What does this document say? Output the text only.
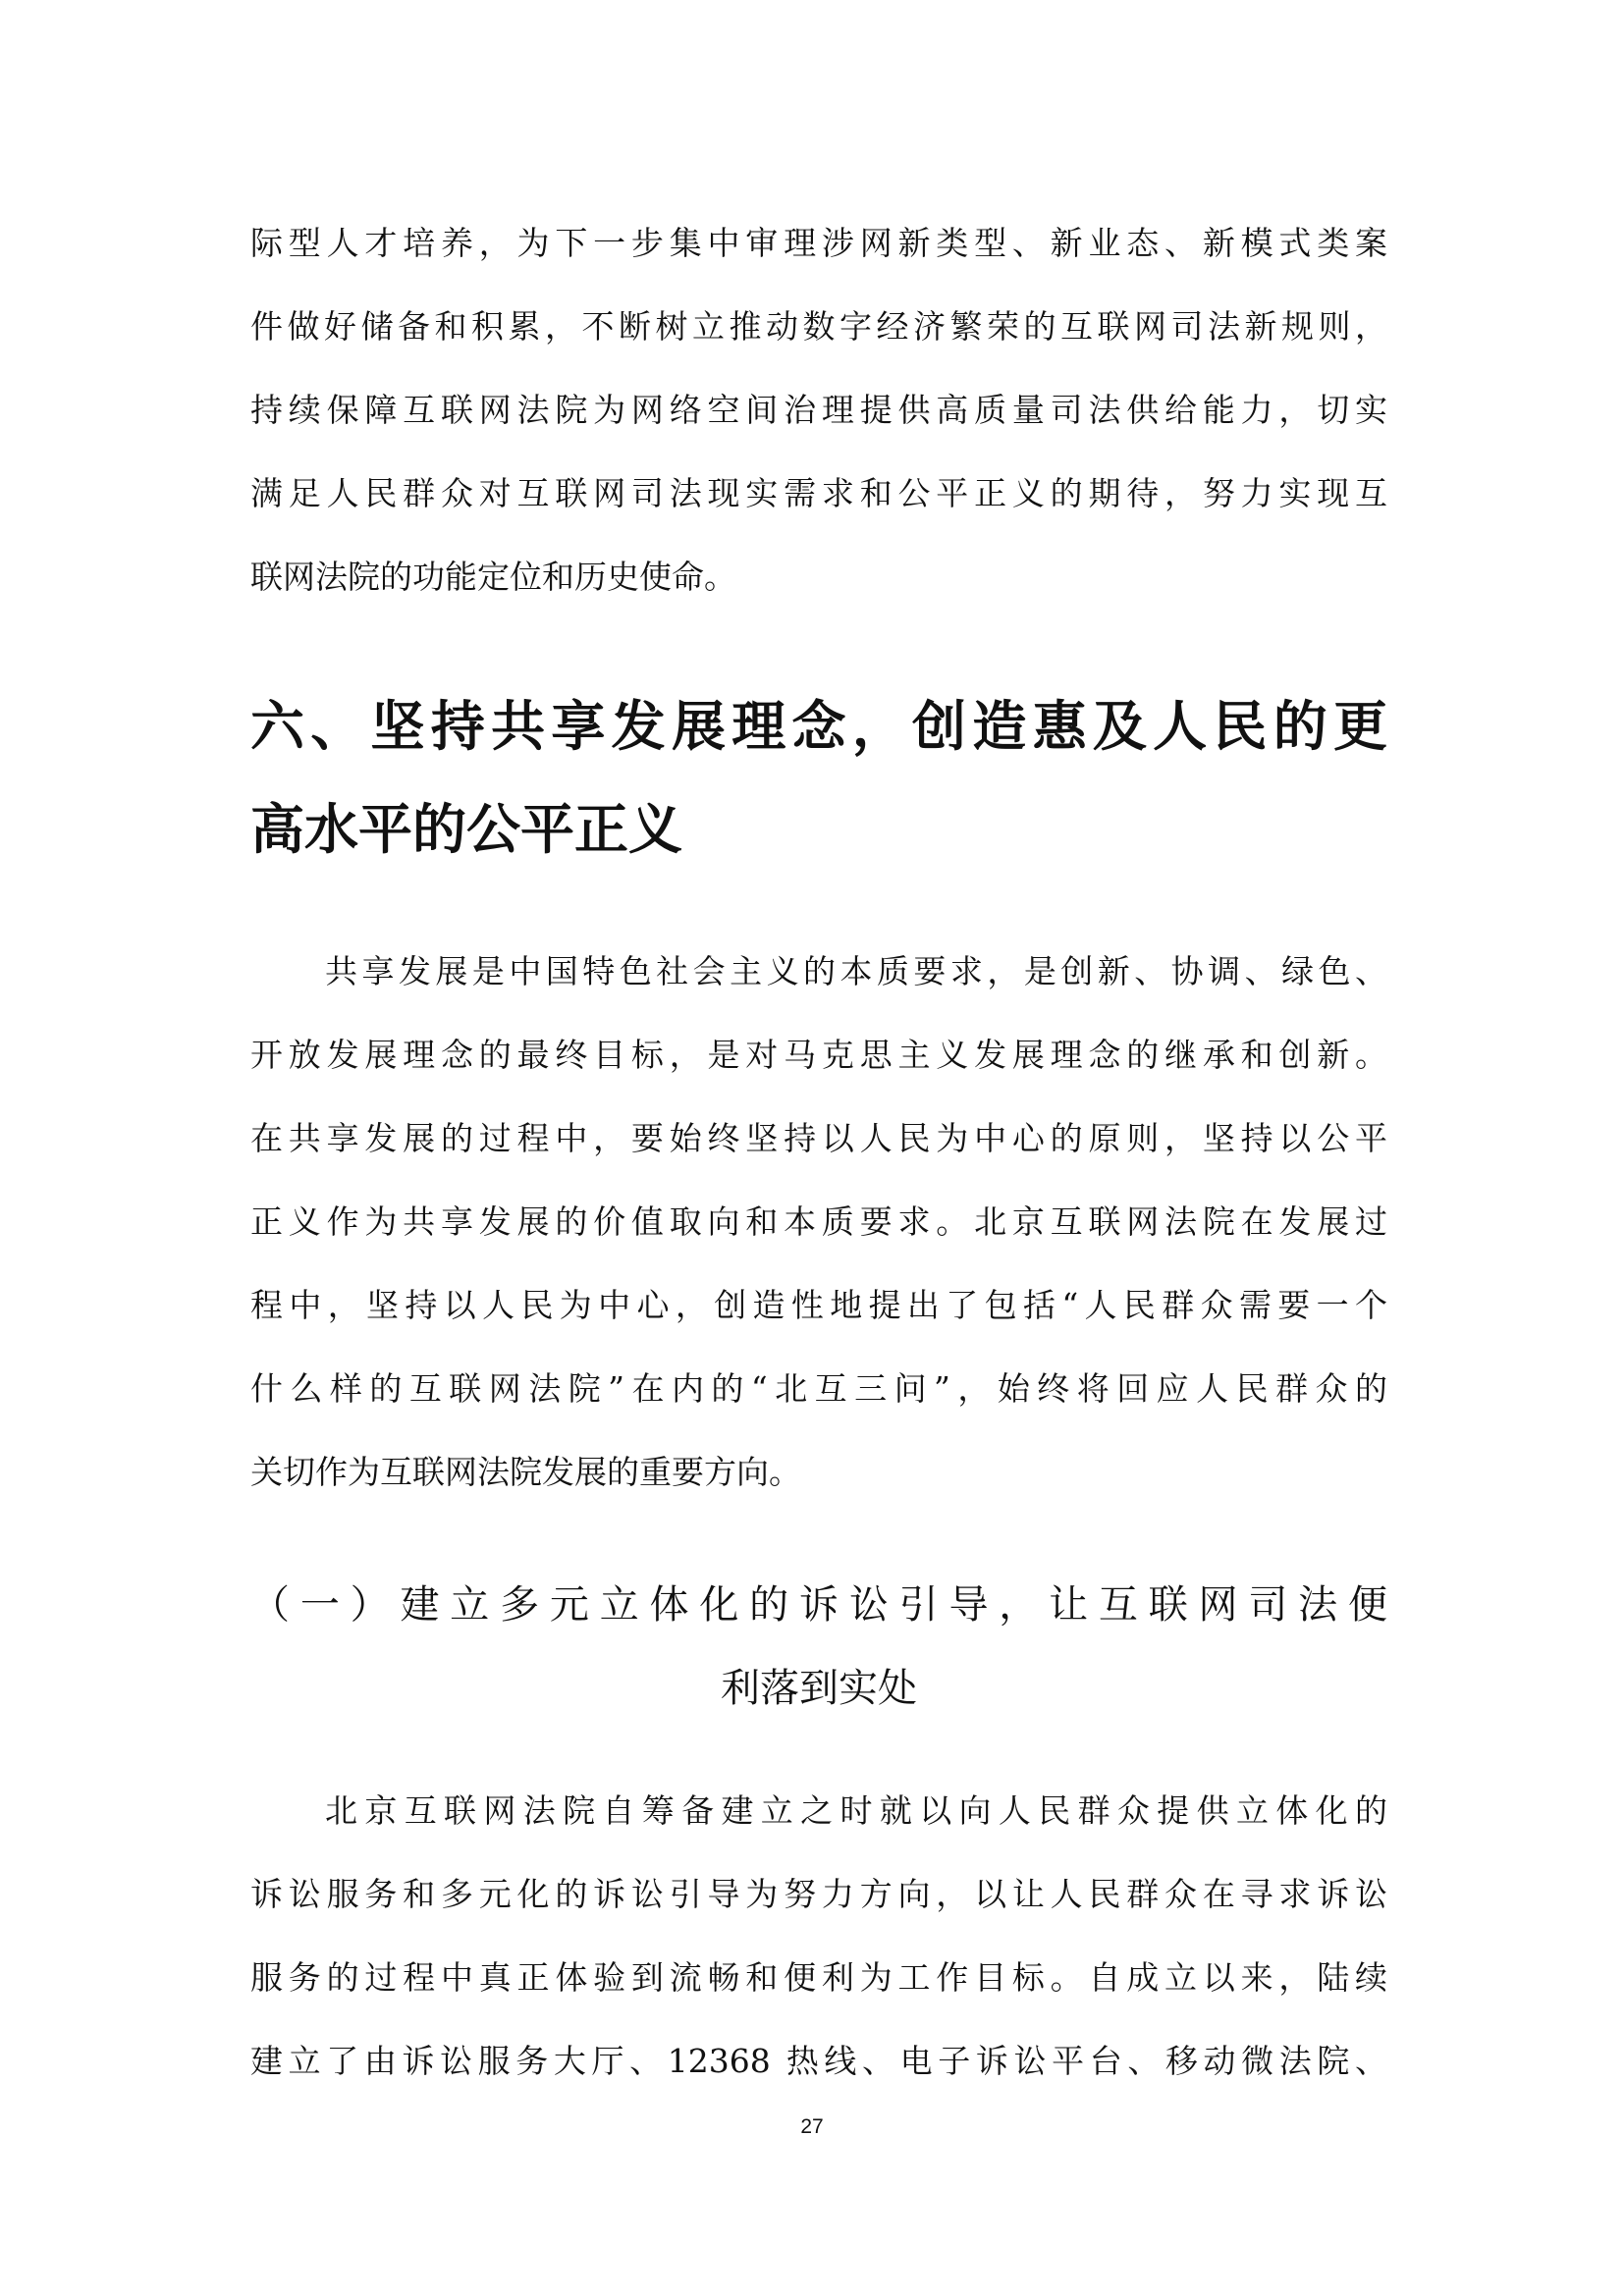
际型人才培养，为下一步集中审理涉网新类型、新业态、新模式类案
件做好储备和积累，不断树立推动数字经济繁荣的互联网司法新规则，
持续保障互联网法院为网络空间治理提供高质量司法供给能力，切实
满足人民群众对互联网司法现实需求和公平正义的期待，努力实现互
联网法院的功能定位和历史使命。
六、坚持共享发展理念，创造惠及人民的更
高水平的公平正义
共享发展是中国特色社会主义的本质要求，是创新、协调、绿色、
开放发展理念的最终目标，是对马克思主义发展理念的继承和创新。
在共享发展的过程中，要始终坚持以人民为中心的原则，坚持以公平
正义作为共享发展的价值取向和本质要求。北京互联网法院在发展过
程中，坚持以人民为中心，创造性地提出了包括“人民群众需要一个
什么样的互联网法院”在内的“北互三问”，始终将回应人民群众的
关切作为互联网法院发展的重要方向。
（一）建立多元立体化的诉讼引导，让互联网司法便
利落到实处
北京互联网法院自筹备建立之时就以向人民群众提供立体化的
诉讼服务和多元化的诉讼引导为努力方向，以让人民群众在寻求诉讼
服务的过程中真正体验到流畅和便利为工作目标。自成立以来，陆续
建立了由诉讼服务大厅、12368 热线、电子诉讼平台、移动微法院、
27
